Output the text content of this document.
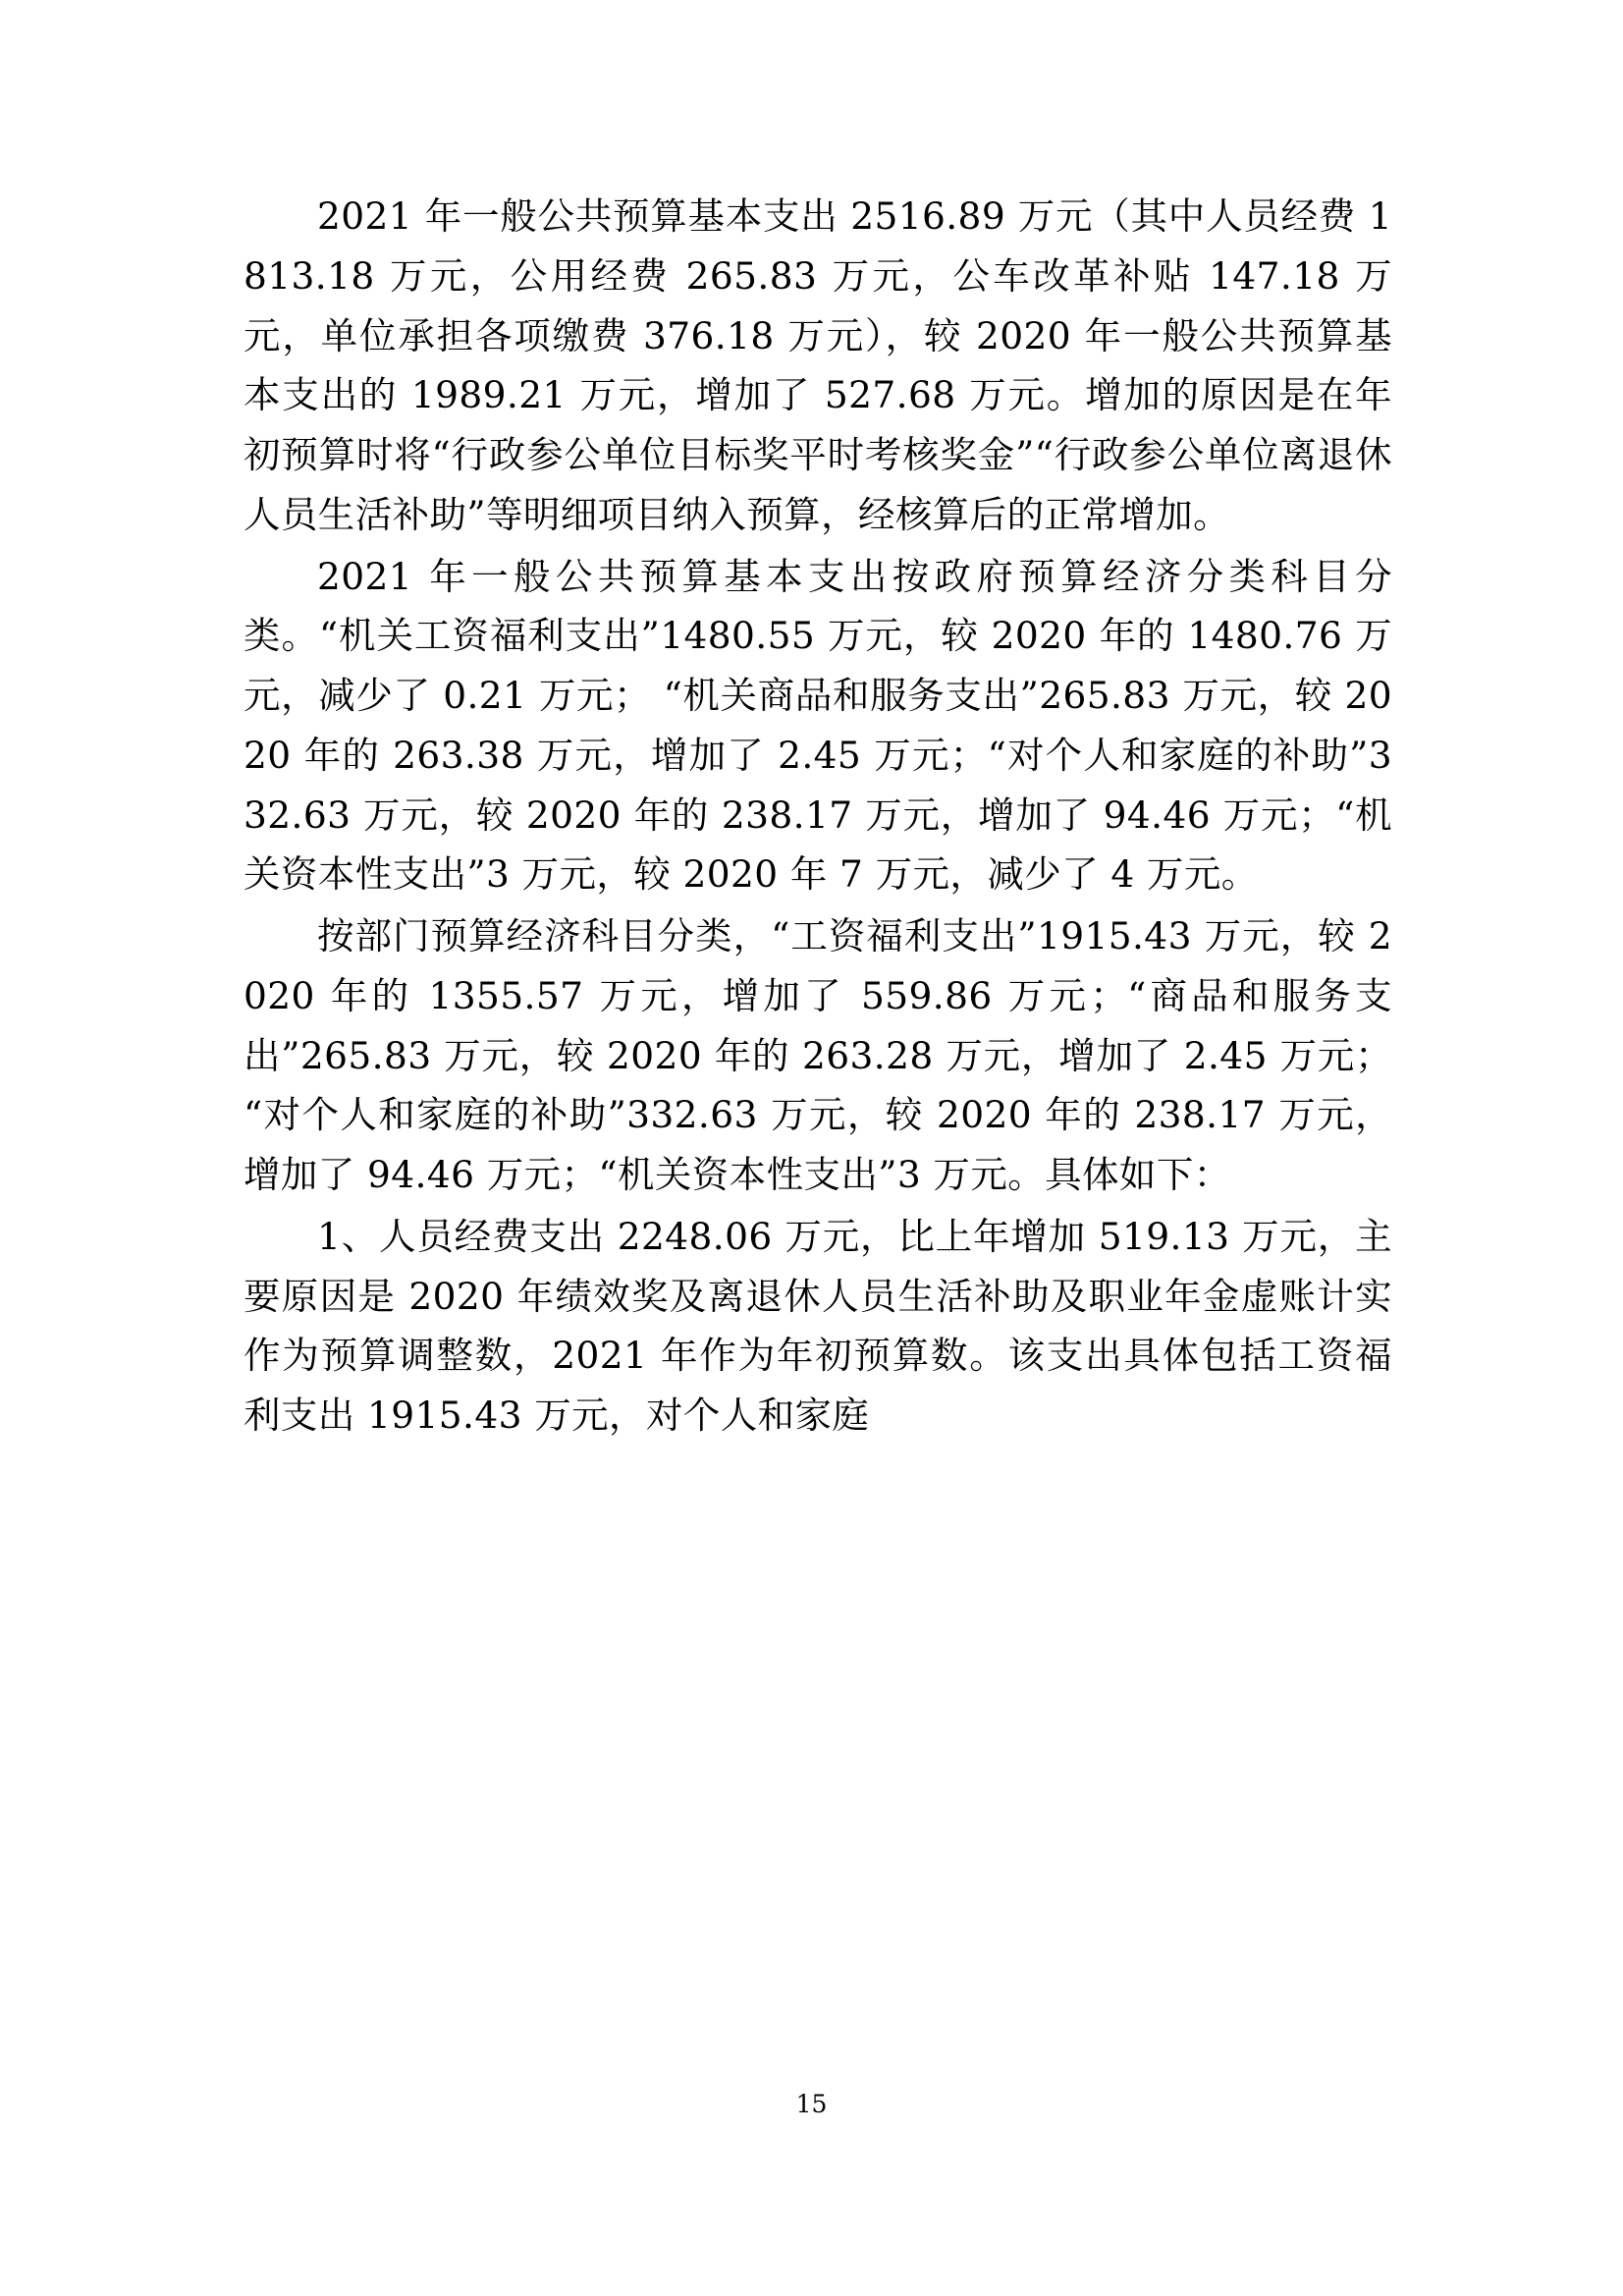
2021 年一般公共预算基本支出 2516.89 万元（其中人员经费 1813.18 万元，公用经费 265.83 万元，公车改革补贴 147.18 万元，单位承担各项缴费 376.18 万元），较 2020 年一般公共预算基本支出的 1989.21 万元，增加了 527.68 万元。增加的原因是在年初预算时将“行政参公单位目标奖平时考核奖金”“行政参公单位离退休人员生活补助”等明细项目纳入预算，经核算后的正常增加。

2021 年一般公共预算基本支出按政府预算经济分类科目分类。“机关工资福利支出”1480.55 万元，较 2020 年的 1480.76 万元，减少了 0.21 万元； “机关商品和服务支出”265.83 万元，较 2020 年的 263.38 万元，增加了 2.45 万元；“对个人和家庭的补助”332.63 万元，较 2020 年的 238.17 万元，增加了 94.46 万元；“机关资本性支出”3 万元，较 2020 年 7 万元，减少了 4 万元。

按部门预算经济科目分类，“工资福利支出”1915.43 万元，较 2020 年的 1355.57 万元，增加了 559.86 万元；“商品和服务支出”265.83 万元，较 2020 年的 263.28 万元，增加了 2.45 万元； “对个人和家庭的补助”332.63 万元，较 2020 年的 238.17 万元，增加了 94.46 万元；“机关资本性支出”3 万元。具体如下：

1、人员经费支出 2248.06 万元，比上年增加 519.13 万元，主要原因是 2020 年绩效奖及离退休人员生活补助及职业年金虚账计实作为预算调整数，2021 年作为年初预算数。该支出具体包括工资福利支出 1915.43 万元，对个人和家庭

15
